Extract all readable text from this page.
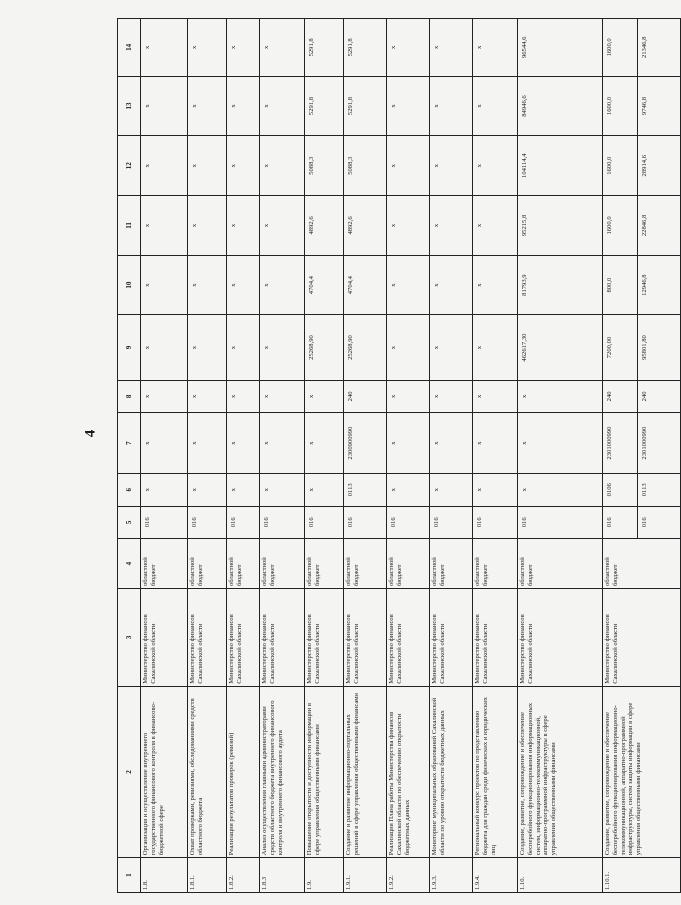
4
1	2	3	4	5	6	7	8	9	10	11	12	13	14
1.8.	Организация и осуществление внутреннего государственного финансового контроля в финансово-бюджетной сфере	Министерство финансов Сахалинской области	областной бюджет	016	x	x	x	x	x	x	x	x	x
1.8.1.	Охват проверками, ревизиями, обследованиями средств областного бюджета	Министерство финансов Сахалинской области	областной бюджет	016	x	x	x	x	x	x	x	x	x
1.8.2.	Реализация результатов проверок (ревизий)	Министерство финансов Сахалинской области	областной бюджет	016	x	x	x	x	x	x	x	x	x
1.8.3	Анализ осуществления главными администраторами средств областного бюджета внутреннего финансового контроля и внутреннего финансового аудита	Министерство финансов Сахалинской области	областной бюджет	016	x	x	x	x	x	x	x	x	x
1.9.	Повышение открытости и доступности информации в сфере управления общественными финансами	Министерство финансов Сахалинской области	областной бюджет	016	x	x	x	25268,90	4704,4	4892,6	5088,3	5291,8	5291,8
1.9.1.	Создание и развитие информационно-портальных решений в сфере управления общественными финансами	Министерство финансов Сахалинской области	областной бюджет	016	0113	2300900990	240	25268,90	4704,4	4892,6	5088,3	5291,8	5291,8
1.9.2.	Реализация Плана работы Министерства финансов Сахалинской области по обеспечению открытости бюджетных данных	Министерство финансов Сахалинской области	областной бюджет	016	x	x	x	x	x	x	x	x	x
1.9.3.	Мониторинг муниципальных образований Сахалинской области по уровню открытости бюджетных данных	Министерство финансов Сахалинской области	областной бюджет	016	x	x	x	x	x	x	x	x	x
1.9.4.	Региональный конкурс проектов по представлению бюджета для граждан среди физических и юридических лиц	Министерство финансов Сахалинской области	областной бюджет	016	x	x	x	x	x	x	x	x	x
1.10.	Создание, развитие, сопровождение и обеспечение бесперебойного функционирования информационных систем, информационно-телекоммуникационной, аппаратно-программной инфраструктуры в сфере управления общественными финансами	Министерство финансов Сахалинской области	областной бюджет	016	x	x	x	462617,30	81793,9	95215,8	104114,4	84946,6	96544,6
1.10.1.	Создание, развитие, сопровождение и обеспечение бесперебойного функционирования информационно-телекоммуникационной, аппаратно-программной инфраструктуры, систем защиты информации в сфере управления общественными финансами	Министерство финансов Сахалинской области	областной бюджет	016	0106	2301000990	240	7200,00	800,0	1600,0	1600,0	1600,0	1600,0
				016	0113	2301000990	240	95801,80	12946,8	22846,8	28914,6	9746,8	21346,8
